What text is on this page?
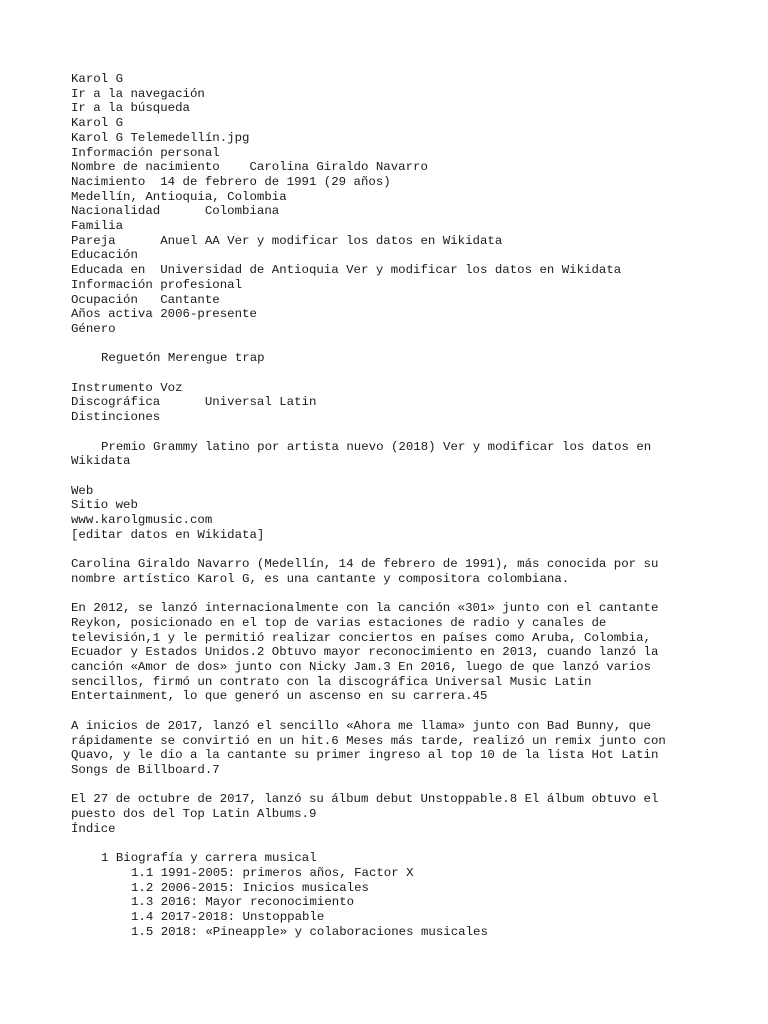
Karol G
Ir a la navegación
Ir a la búsqueda
Karol G
Karol G Telemedellín.jpg
Información personal
Nombre de nacimiento    Carolina Giraldo Navarro
Nacimiento  14 de febrero de 1991 (29 años)
Medellín, Antioquia, Colombia
Nacionalidad      Colombiana
Familia
Pareja      Anuel AA Ver y modificar los datos en Wikidata
Educación
Educada en  Universidad de Antioquia Ver y modificar los datos en Wikidata
Información profesional
Ocupación   Cantante
Años activa 2006-presente
Género
Reguetón Merengue trap
Instrumento Voz
Discográfica      Universal Latin
Distinciones
Premio Grammy latino por artista nuevo (2018) Ver y modificar los datos en
Wikidata
Web
Sitio web
www.karolgmusic.com
[editar datos en Wikidata]
Carolina Giraldo Navarro (Medellín, 14 de febrero de 1991), más conocida por su
nombre artístico Karol G, es una cantante y compositora colombiana.
En 2012, se lanzó internacionalmente con la canción «301» junto con el cantante
Reykon, posicionado en el top de varias estaciones de radio y canales de
televisión,1 y le permitió realizar conciertos en países como Aruba, Colombia,
Ecuador y Estados Unidos.2 Obtuvo mayor reconocimiento en 2013, cuando lanzó la
canción «Amor de dos» junto con Nicky Jam.3 En 2016, luego de que lanzó varios
sencillos, firmó un contrato con la discográfica Universal Music Latin
Entertainment, lo que generó un ascenso en su carrera.45
A inicios de 2017, lanzó el sencillo «Ahora me llama» junto con Bad Bunny, que
rápidamente se convirtió en un hit.6 Meses más tarde, realizó un remix junto con
Quavo, y le dio a la cantante su primer ingreso al top 10 de la lista Hot Latin
Songs de Billboard.7
El 27 de octubre de 2017, lanzó su álbum debut Unstoppable.8 El álbum obtuvo el
puesto dos del Top Latin Albums.9
Índice
1 Biografía y carrera musical
1.1 1991-2005: primeros años, Factor X
1.2 2006-2015: Inicios musicales
1.3 2016: Mayor reconocimiento
1.4 2017-2018: Unstoppable
1.5 2018: «Pineapple» y colaboraciones musicales
